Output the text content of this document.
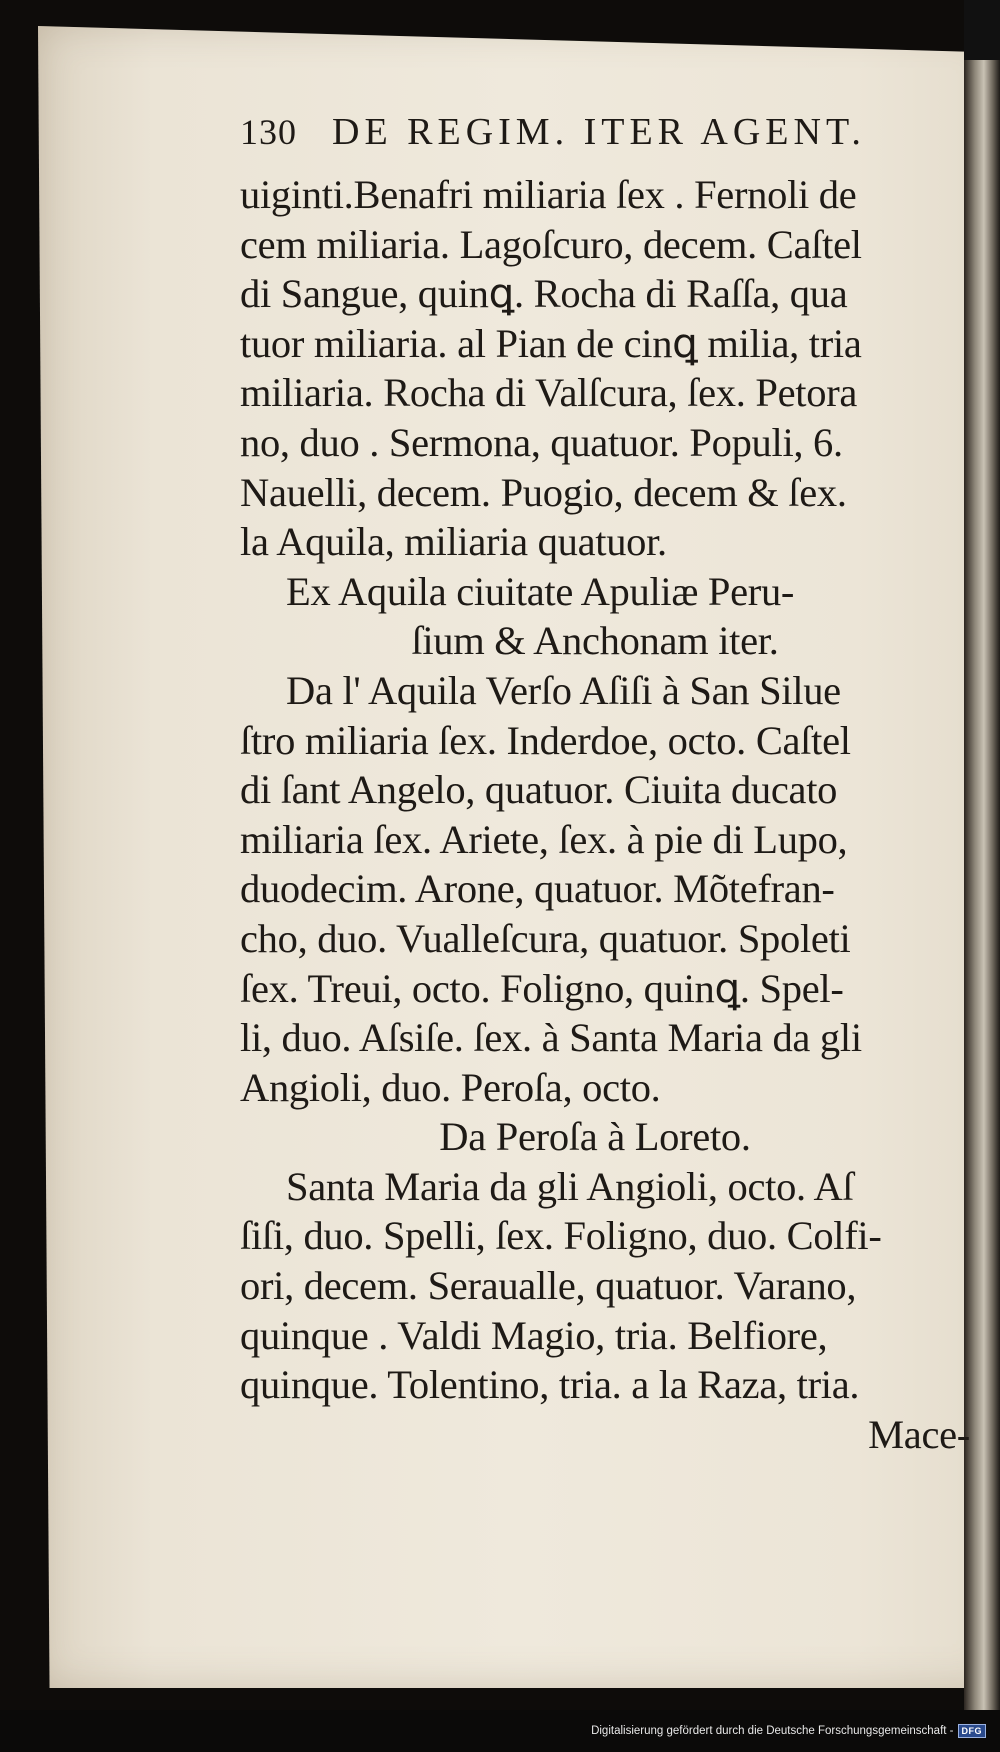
130 DE REGIM. ITER AGENT.
uiginti.Benafri miliaria ſex . Fernoli de
cem miliaria. Lagoſcuro, decem. Caſtel
di Sangue, quinꝗ. Rocha di Raſſa, qua
tuor miliaria. al Pian de cinꝗ milia, tria
miliaria. Rocha di Valſcura, ſex. Petora
no, duo . Sermona, quatuor. Populi, 6.
Nauelli, decem. Puogio, decem & ſex.
la Aquila, miliaria quatuor.
Ex Aquila ciuitate Apuliæ Peru-
ſium & Anchonam iter.
Da l' Aquila Verſo Aſiſi à San Silue
ſtro miliaria ſex. Inderdoe, octo. Caſtel
di ſant Angelo, quatuor. Ciuita ducato
miliaria ſex. Ariete, ſex. à pie di Lupo,
duodecim. Arone, quatuor. Mõtefran-
cho, duo. Vualleſcura, quatuor. Spoleti
ſex. Treui, octo. Foligno, quinꝗ. Spel-
li, duo. Aſsiſe. ſex. à Santa Maria da gli
Angioli, duo. Peroſa, octo.
Da Peroſa à Loreto.
Santa Maria da gli Angioli, octo. Aſ
ſiſi, duo. Spelli, ſex. Foligno, duo. Colfi-
ori, decem. Seraualle, quatuor. Varano,
quinque . Valdi Magio, tria. Belfiore,
quinque. Tolentino, tria. a la Raza, tria.
Mace-
Digitalisierung gefördert durch die Deutsche Forschungsgemeinschaft - DFG
